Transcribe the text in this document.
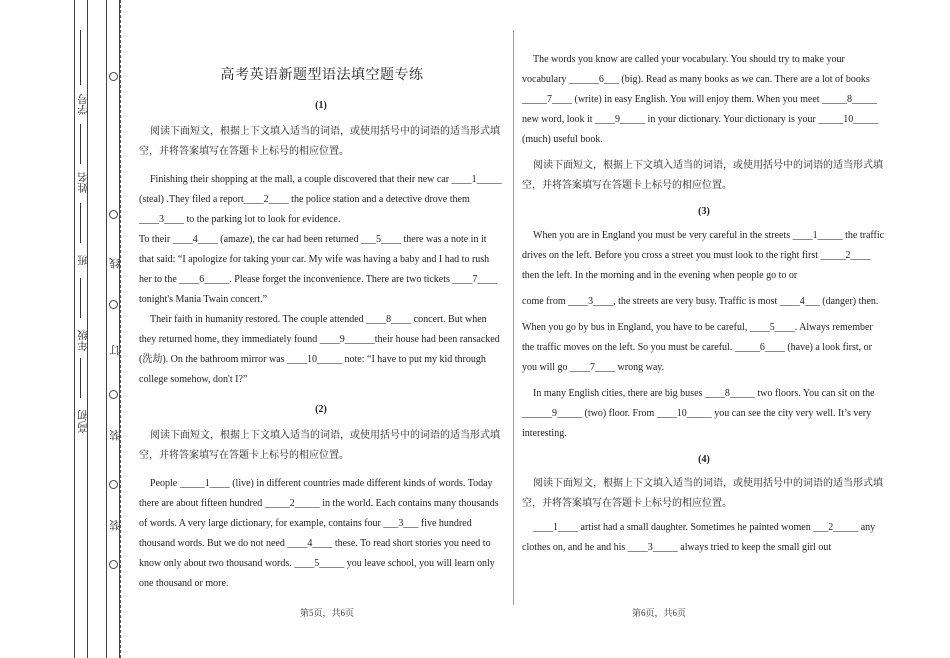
高\初
年级
班
姓名
学号
线
订
装
装
高考英语新题型语法填空题专练

(1)

阅读下面短文，根据上下文填入适当的词语，或使用括号中的词语的适当形式填空，并将答案填写在答题卡上标号的相应位置。

Finishing their shopping at the mall, a couple discovered that their new car ____1_____ (steal) .They filed a report____2____ the police station and a detective drove them ____3____ to the parking lot to look for evidence.

To their ____4____ (amaze), the car had been returned ___5____ there was a note in it that said: “I apologize for taking your car. My wife was having a baby and I had to rush her to the ____6_____. Please forget the inconvenience. There are two tickets ____7____ tonight's Mania Twain concert.”

Their faith in humanity restored. The couple attended ____8____ concert. But when they returned home, they immediately found ____9______their house had been ransacked (洗劫). On the bathroom mirror was ____10_____ note: “I have to put my kid through college somehow, don't I?”

(2)

阅读下面短文，根据上下文填入适当的词语，或使用括号中的词语的适当形式填空，并将答案填写在答题卡上标号的相应位置。

People _____1____ (live) in different countries made different kinds of words. Today there are about fifteen hundred _____2_____ in the world. Each contains many thousands of words. A very large dictionary, for example, contains four ___3___ five hundred thousand words. But we do not need ____4____ these. To read short stories you need to know only about two thousand words. ____5_____ you leave school, you will learn only one thousand or more.

The words you know are called your vocabulary. You should try to make your vocabulary ______6___ (big). Read as many books as we can. There are a lot of books _____7____ (write) in easy English. You will enjoy them. When you meet _____8_____ new word, look it ____9_____ in your dictionary. Your dictionary is your _____10_____ (much) useful book.

阅读下面短文，根据上下文填入适当的词语，或使用括号中的词语的适当形式填空，并将答案填写在答题卡上标号的相应位置。

(3)

When you are in England you must be very careful in the streets ____1_____ the traffic drives on the left. Before you cross a street you must look to the right first _____2____ then the left. In the morning and in the evening when people go to or

come from ____3____, the streets are very busy. Traffic is most ____4___ (danger) then.

When you go by bus in England, you have to be careful, ____5____. Always remember the traffic moves on the left. So you must be careful. _____6____ (have) a look first, or you will go ____7____ wrong way.

In many English cities, there are big buses ____8_____ two floors. You can sit on the ______9_____ (two) floor. From ____10_____ you can see the city very well. It’s very interesting.

(4)

阅读下面短文，根据上下文填入适当的词语，或使用括号中的词语的适当形式填空，并将答案填写在答题卡上标号的相应位置。

____1____ artist had a small daughter. Sometimes he painted women ___2_____ any clothes on, and he and his ____3_____ always tried to keep the small girl out

第5页，共6页	第6页，共6页
